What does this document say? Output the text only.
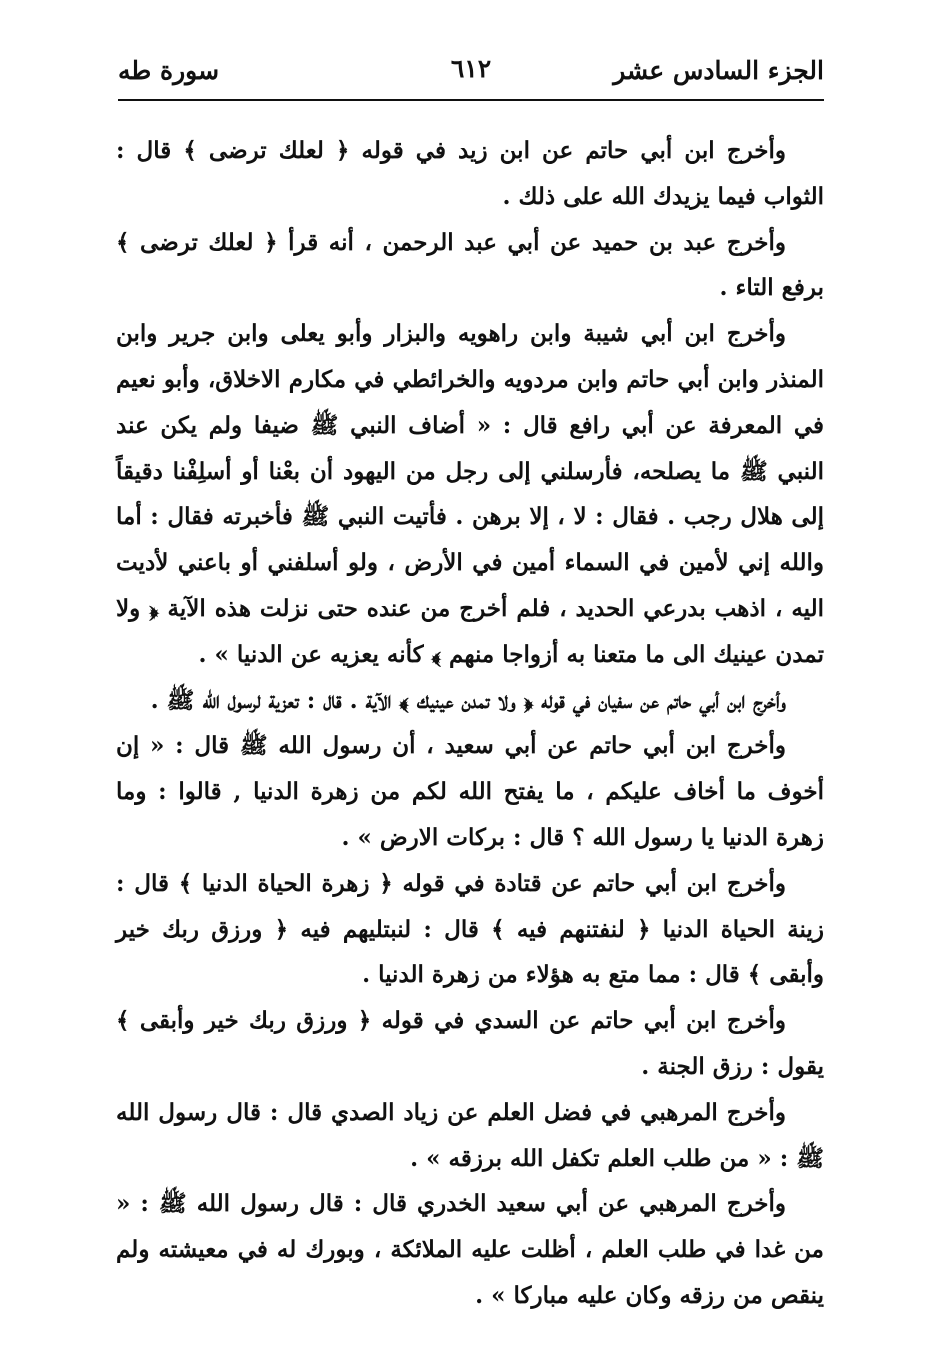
الجزء السادس عشر
٦١٢
سورة طه

وأخرج ابن أبي حاتم عن ابن زيد في قوله ﴿ لعلك ترضى ﴾ قال : الثواب فيما يزيدك الله على ذلك .

وأخرج عبد بن حميد عن أبي عبد الرحمن ، أنه قرأ ﴿ لعلك ترضى ﴾ برفع التاء .

وأخرج ابن أبي شيبة وابن راهويه والبزار وأبو يعلى وابن جرير وابن المنذر وابن أبي حاتم وابن مردويه والخرائطي في مكارم الاخلاق، وأبو نعيم في المعرفة عن أبي رافع قال : « أضاف النبي ﷺ ضيفا ولم يكن عند النبي ﷺ ما يصلحه، فأرسلني إلى رجل من اليهود أن بعْنا أو أسلِفْنا دقيقاً إلى هلال رجب . فقال : لا ، إلا برهن . فأتيت النبي ﷺ فأخبرته فقال : أما والله إني لأمين في السماء أمين في الأرض ، ولو أسلفني أو باعني لأديت اليه ، اذهب بدرعي الحديد ، فلم أخرج من عنده حتى نزلت هذه الآية ﴿ ولا تمدن عينيك الى ما متعنا به أزواجا منهم ﴾ كأنه يعزيه عن الدنيا » .

وأخرج ابن أبي حاتم عن سفيان في قوله ﴿ ولا تمدن عينيك ﴾ الآية . قال : تعزية لرسول الله ﷺ .

وأخرج ابن أبي حاتم عن أبي سعيد ، أن رسول الله ﷺ قال : « إن أخوف ما أخاف عليكم ، ما يفتح الله لكم من زهرة الدنيا , قالوا : وما زهرة الدنيا يا رسول الله ؟ قال : بركات الارض » .

وأخرج ابن أبي حاتم عن قتادة في قوله ﴿ زهرة الحياة الدنيا ﴾ قال : زينة الحياة الدنيا ﴿ لنفتنهم فيه ﴾ قال : لنبتليهم فيه ﴿ ورزق ربك خير وأبقى ﴾ قال : مما متع به هؤلاء من زهرة الدنيا .

وأخرج ابن أبي حاتم عن السدي في قوله ﴿ ورزق ربك خير وأبقى ﴾ يقول : رزق الجنة .

وأخرج المرهبي في فضل العلم عن زياد الصدي قال : قال رسول الله ﷺ : « من طلب العلم تكفل الله برزقه » .

وأخرج المرهبي عن أبي سعيد الخدري قال : قال رسول الله ﷺ : « من غدا في طلب العلم ، أظلت عليه الملائكة ، وبورك له في معيشته ولم ينقص من رزقه وكان عليه مباركا » .
